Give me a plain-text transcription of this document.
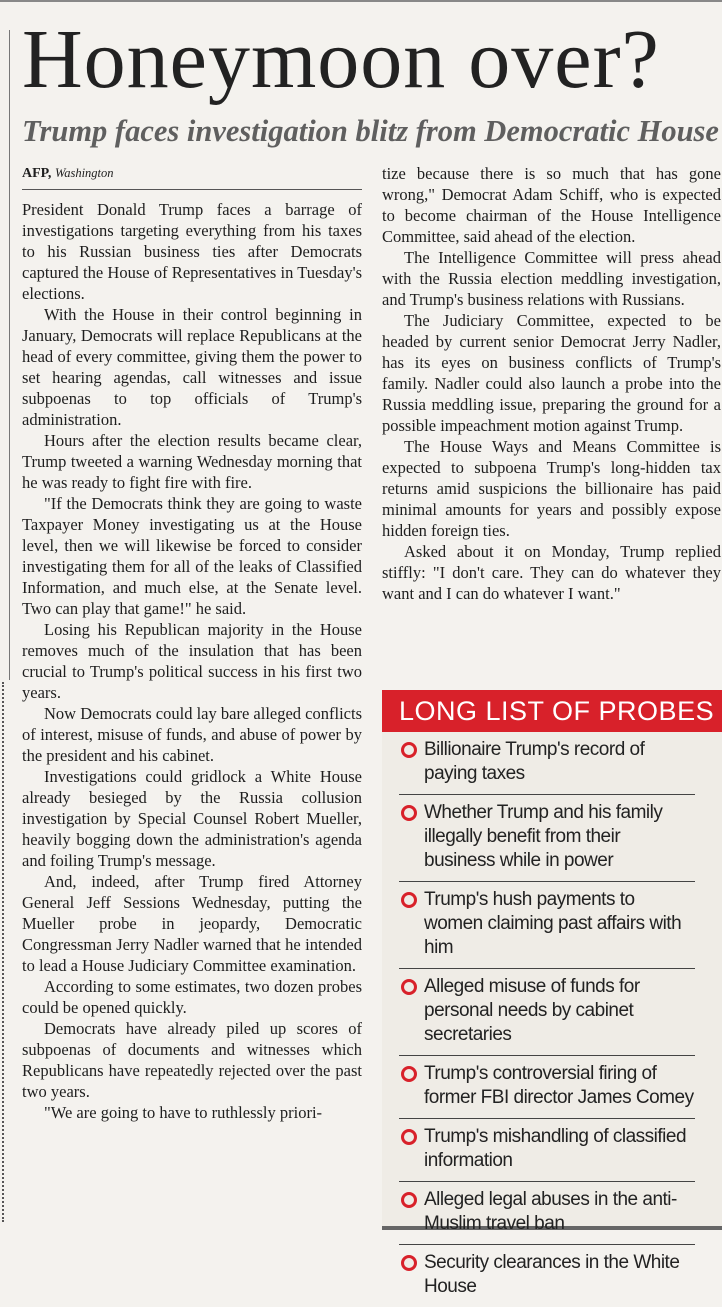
Honeymoon over?
Trump faces investigation blitz from Democratic House
AFP, Washington

President Donald Trump faces a barrage of investigations targeting everything from his taxes to his Russian business ties after Democrats captured the House of Representatives in Tuesday's elections.

With the House in their control beginning in January, Democrats will replace Republicans at the head of every committee, giving them the power to set hearing agendas, call witnesses and issue subpoenas to top officials of Trump's administration.

Hours after the election results became clear, Trump tweeted a warning Wednesday morning that he was ready to fight fire with fire.

"If the Democrats think they are going to waste Taxpayer Money investigating us at the House level, then we will likewise be forced to consider investigating them for all of the leaks of Classified Information, and much else, at the Senate level. Two can play that game!" he said.

Losing his Republican majority in the House removes much of the insulation that has been crucial to Trump's political success in his first two years.

Now Democrats could lay bare alleged conflicts of interest, misuse of funds, and abuse of power by the president and his cabinet.

Investigations could gridlock a White House already besieged by the Russia collusion investigation by Special Counsel Robert Mueller, heavily bogging down the administration's agenda and foiling Trump's message.

And, indeed, after Trump fired Attorney General Jeff Sessions Wednesday, putting the Mueller probe in jeopardy, Democratic Congressman Jerry Nadler warned that he intended to lead a House Judiciary Committee examination.

According to some estimates, two dozen probes could be opened quickly.

Democrats have already piled up scores of subpoenas of documents and witnesses which Republicans have repeatedly rejected over the past two years.

"We are going to have to ruthlessly priori-

tize because there is so much that has gone wrong," Democrat Adam Schiff, who is expected to become chairman of the House Intelligence Committee, said ahead of the election.

The Intelligence Committee will press ahead with the Russia election meddling investigation, and Trump's business relations with Russians.

The Judiciary Committee, expected to be headed by current senior Democrat Jerry Nadler, has its eyes on business conflicts of Trump's family. Nadler could also launch a probe into the Russia meddling issue, preparing the ground for a possible impeachment motion against Trump.

The House Ways and Means Committee is expected to subpoena Trump's long-hidden tax returns amid suspicions the billionaire has paid minimal amounts for years and possibly expose hidden foreign ties.

Asked about it on Monday, Trump replied stiffly: "I don't care. They can do whatever they want and I can do whatever I want."

LONG LIST OF PROBES
Billionaire Trump's record of paying taxes
Whether Trump and his family illegally benefit from their business while in power
Trump's hush payments to women claiming past affairs with him
Alleged misuse of funds for personal needs by cabinet secretaries
Trump's controversial firing of former FBI director James Comey
Trump's mishandling of classified information
Alleged legal abuses in the anti-Muslim travel ban
Security clearances in the White House
